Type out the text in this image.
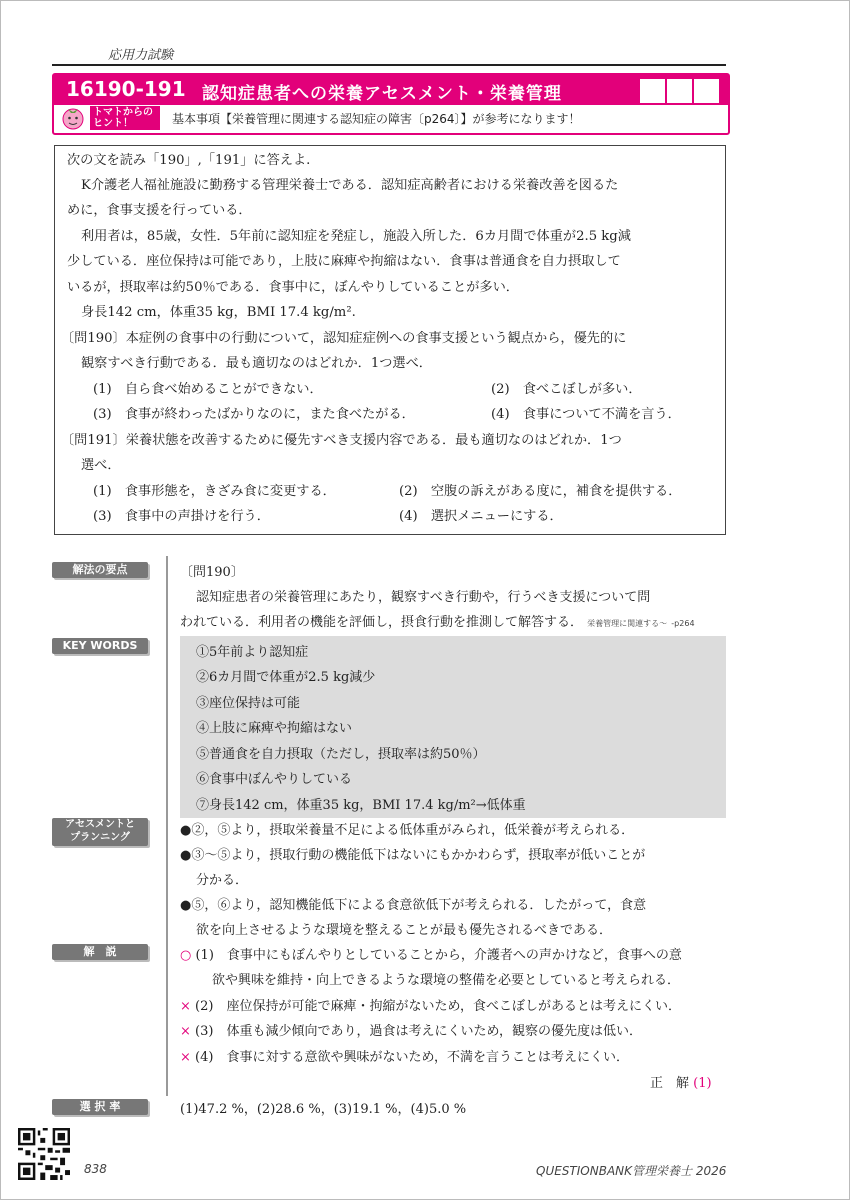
応用力試験
16190-191 認知症患者への栄養アセスメント・栄養管理
トマトからの
ヒント！	基本事項【栄養管理に関連する認知症の障害〔p264〕】が参考になります！
次の文を読み「190」,「191」に答えよ.
K介護老人福祉施設に勤務する管理栄養士である．認知症高齢者における栄養改善を図るた
めに，食事支援を行っている．
利用者は，85歳，女性．5年前に認知症を発症し，施設入所した．6カ月間で体重が2.5 kg減
少している．座位保持は可能であり，上肢に麻痺や拘縮はない．食事は普通食を自力摂取して
いるが，摂取率は約50％である．食事中に，ぼんやりしていることが多い．
身長142 cm，体重35 kg，BMI 17.4 kg/m².
〔問190〕本症例の食事中の行動について，認知症症例への食事支援という観点から，優先的に
観察すべき行動である．最も適切なのはどれか．1つ選べ．
(1)　自ら食べ始めることができない．	(2)　食べこぼしが多い．
(3)　食事が終わったばかりなのに，また食べたがる．	(4)　食事について不満を言う．
〔問191〕栄養状態を改善するために優先すべき支援内容である．最も適切なのはどれか．1つ
選べ．
(1)　食事形態を，きざみ食に変更する．	(2)　空腹の訴えがある度に，補食を提供する．
(3)　食事中の声掛けを行う．	(4)　選択メニューにする．
解法の要点
KEY WORDS
アセスメントと
プランニング
解　説
選 択 率
〔問190〕
認知症患者の栄養管理にあたり，観察すべき行動や，行うべき支援について問
われている．利用者の機能を評価し，摂食行動を推測して解答する． 栄養管理に関連する～ -p264
①5年前より認知症
②6カ月間で体重が2.5 kg減少
③座位保持は可能
④上肢に麻痺や拘縮はない
⑤普通食を自力摂取（ただし，摂取率は約50％）
⑥食事中ぼんやりしている
⑦身長142 cm，体重35 kg，BMI 17.4 kg/m²→低体重
●②，⑤より，摂取栄養量不足による低体重がみられ，低栄養が考えられる．
●③～⑤より，摂取行動の機能低下はないにもかかわらず，摂取率が低いことが
分かる．
●⑤，⑥より，認知機能低下による食意欲低下が考えられる．したがって，食意
欲を向上させるような環境を整えることが最も優先されるべきである．
○ (1)　食事中にもぼんやりとしていることから，介護者への声かけなど，食事への意
欲や興味を維持・向上できるような環境の整備を必要としていると考えられる．
× (2)　座位保持が可能で麻痺・拘縮がないため，食べこぼしがあるとは考えにくい．
× (3)　体重も減少傾向であり，過食は考えにくいため，観察の優先度は低い．
× (4)　食事に対する意欲や興味がないため，不満を言うことは考えにくい．
正　解 (1)
(1)47.2 %，(2)28.6 %，(3)19.1 %，(4)5.0 %
838	QUESTIONBANK管理栄養士 2026
